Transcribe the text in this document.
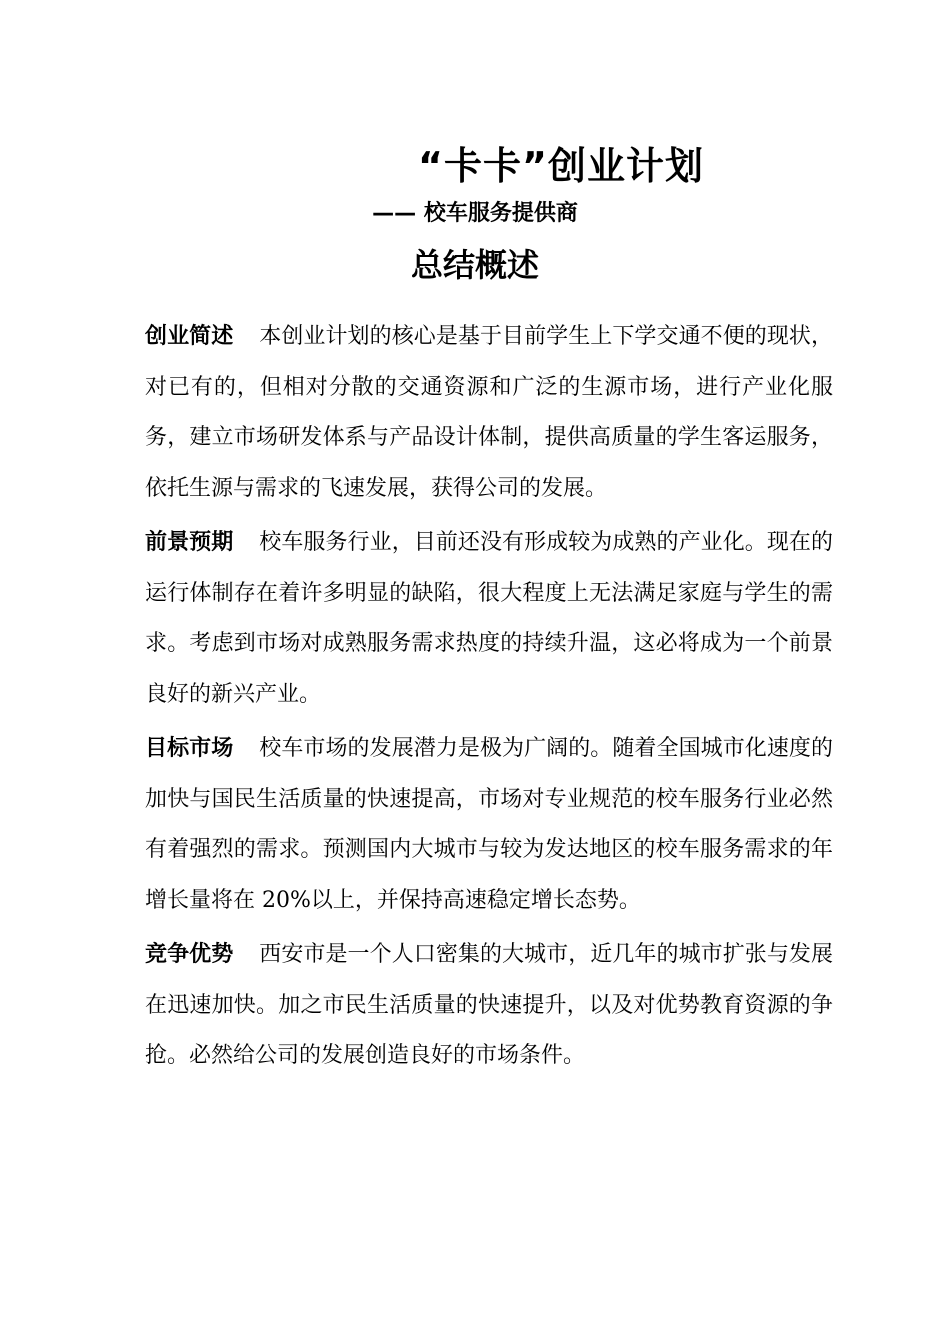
“卡卡”创业计划
—— 校车服务提供商
总结概述

创业简述 本创业计划的核心是基于目前学生上下学交通不便的现状，对已有的，但相对分散的交通资源和广泛的生源市场，进行产业化服务，建立市场研发体系与产品设计体制，提供高质量的学生客运服务，依托生源与需求的飞速发展，获得公司的发展。

前景预期 校车服务行业，目前还没有形成较为成熟的产业化。现在的运行体制存在着许多明显的缺陷，很大程度上无法满足家庭与学生的需求。考虑到市场对成熟服务需求热度的持续升温，这必将成为一个前景良好的新兴产业。

目标市场 校车市场的发展潜力是极为广阔的。随着全国城市化速度的加快与国民生活质量的快速提高，市场对专业规范的校车服务行业必然有着强烈的需求。预测国内大城市与较为发达地区的校车服务需求的年增长量将在 20%以上，并保持高速稳定增长态势。

竞争优势 西安市是一个人口密集的大城市，近几年的城市扩张与发展在迅速加快。加之市民生活质量的快速提升，以及对优势教育资源的争抢。必然给公司的发展创造良好的市场条件。
